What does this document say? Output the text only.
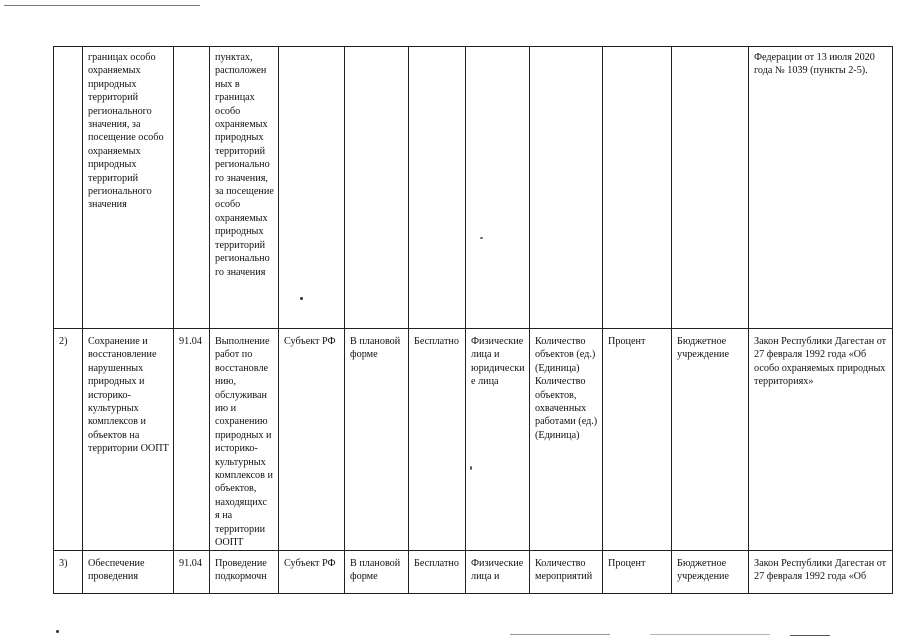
	границах особо охраняемых природных территорий регионального значения, за посещение особо охраняемых природных территорий регионального значения		пунктах, расположен ных в границах особо охраняемых природных территорий регионально го значения, за посещение особо охраняемых природных территорий регионально го значения								Федерации от 13 июля 2020 года № 1039 (пункты 2-5).
2)	Сохранение и восстановление нарушенных природных и историко-культурных комплексов и объектов на территории ООПТ	91.04	Выполнение работ по восстановле нию, обслуживан ию и сохранению природных и историко-культурных комплексов и объектов, находящихс я на территории ООПТ	Субъект РФ	В плановой форме	Бесплатно	Физические лица и юридически е лица	Количество объектов (ед.) (Единица) Количество объектов, охваченных работами (ед.) (Единица)	Процент	Бюджетное учреждение	Закон Республики Дагестан от 27 февраля 1992 года «Об особо охраняемых природных территориях»
3)	Обеспечение проведения	91.04	Проведение подкормочн	Субъект РФ	В плановой форме	Бесплатно	Физические лица и	Количество мероприятий	Процент	Бюджетное учреждение	Закон Республики Дагестан от 27 февраля 1992 года «Об
